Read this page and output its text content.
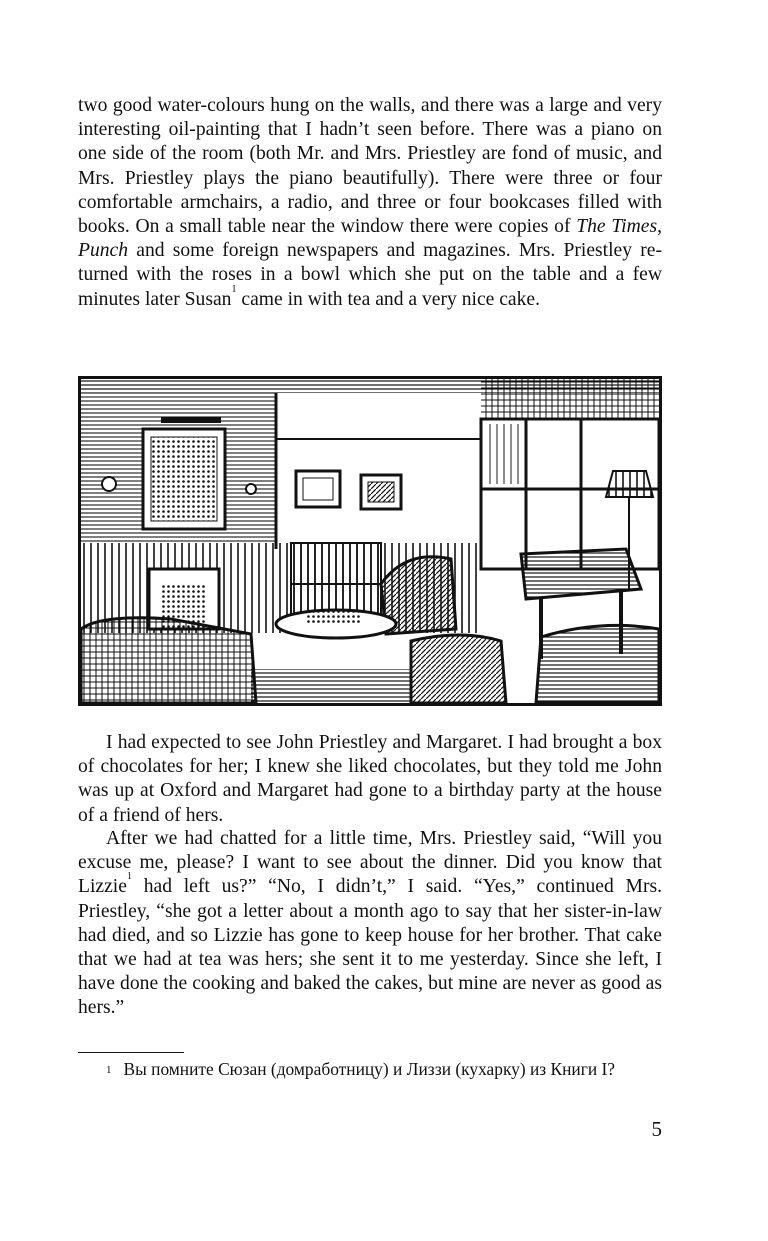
two good water-colours hung on the walls, and there was a large and very interesting oil-painting that I hadn’t seen before. There was a piano on one side of the room (both Mr. and Mrs. Priestley are fond of music, and Mrs. Priestley plays the piano beautifully). There were three or four comfortable armchairs, a radio, and three or four bookcases filled with books. On a small table near the window there were copies of The Times, Punch and some foreign newspapers and magazines. Mrs. Priestley returned with the roses in a bowl which she put on the table and a few minutes later Susan$^1$ came in with tea and a very nice cake.

I had expected to see John Priestley and Margaret. I had brought a box of chocolates for her; I knew she liked chocolates, but they told me John was up at Oxford and Margaret had gone to a birthday party at the house of a friend of hers.

After we had chatted for a little time, Mrs. Priestley said, “Will you excuse me, please? I want to see about the dinner. Did you know that Lizzie$^1$ had left us?” “No, I didn’t,” I said. “Yes,” continued Mrs. Priestley, “she got a letter about a month ago to say that her sister-in-law had died, and so Lizzie has gone to keep house for her brother. That cake that we had at tea was hers; she sent it to me yesterday. Since she left, I have done the cooking and baked the cakes, but mine are never as good as hers.”

$^1$ Вы помните Сюзан (домработницу) и Лиззи (кухарку) из Книги I?

5
